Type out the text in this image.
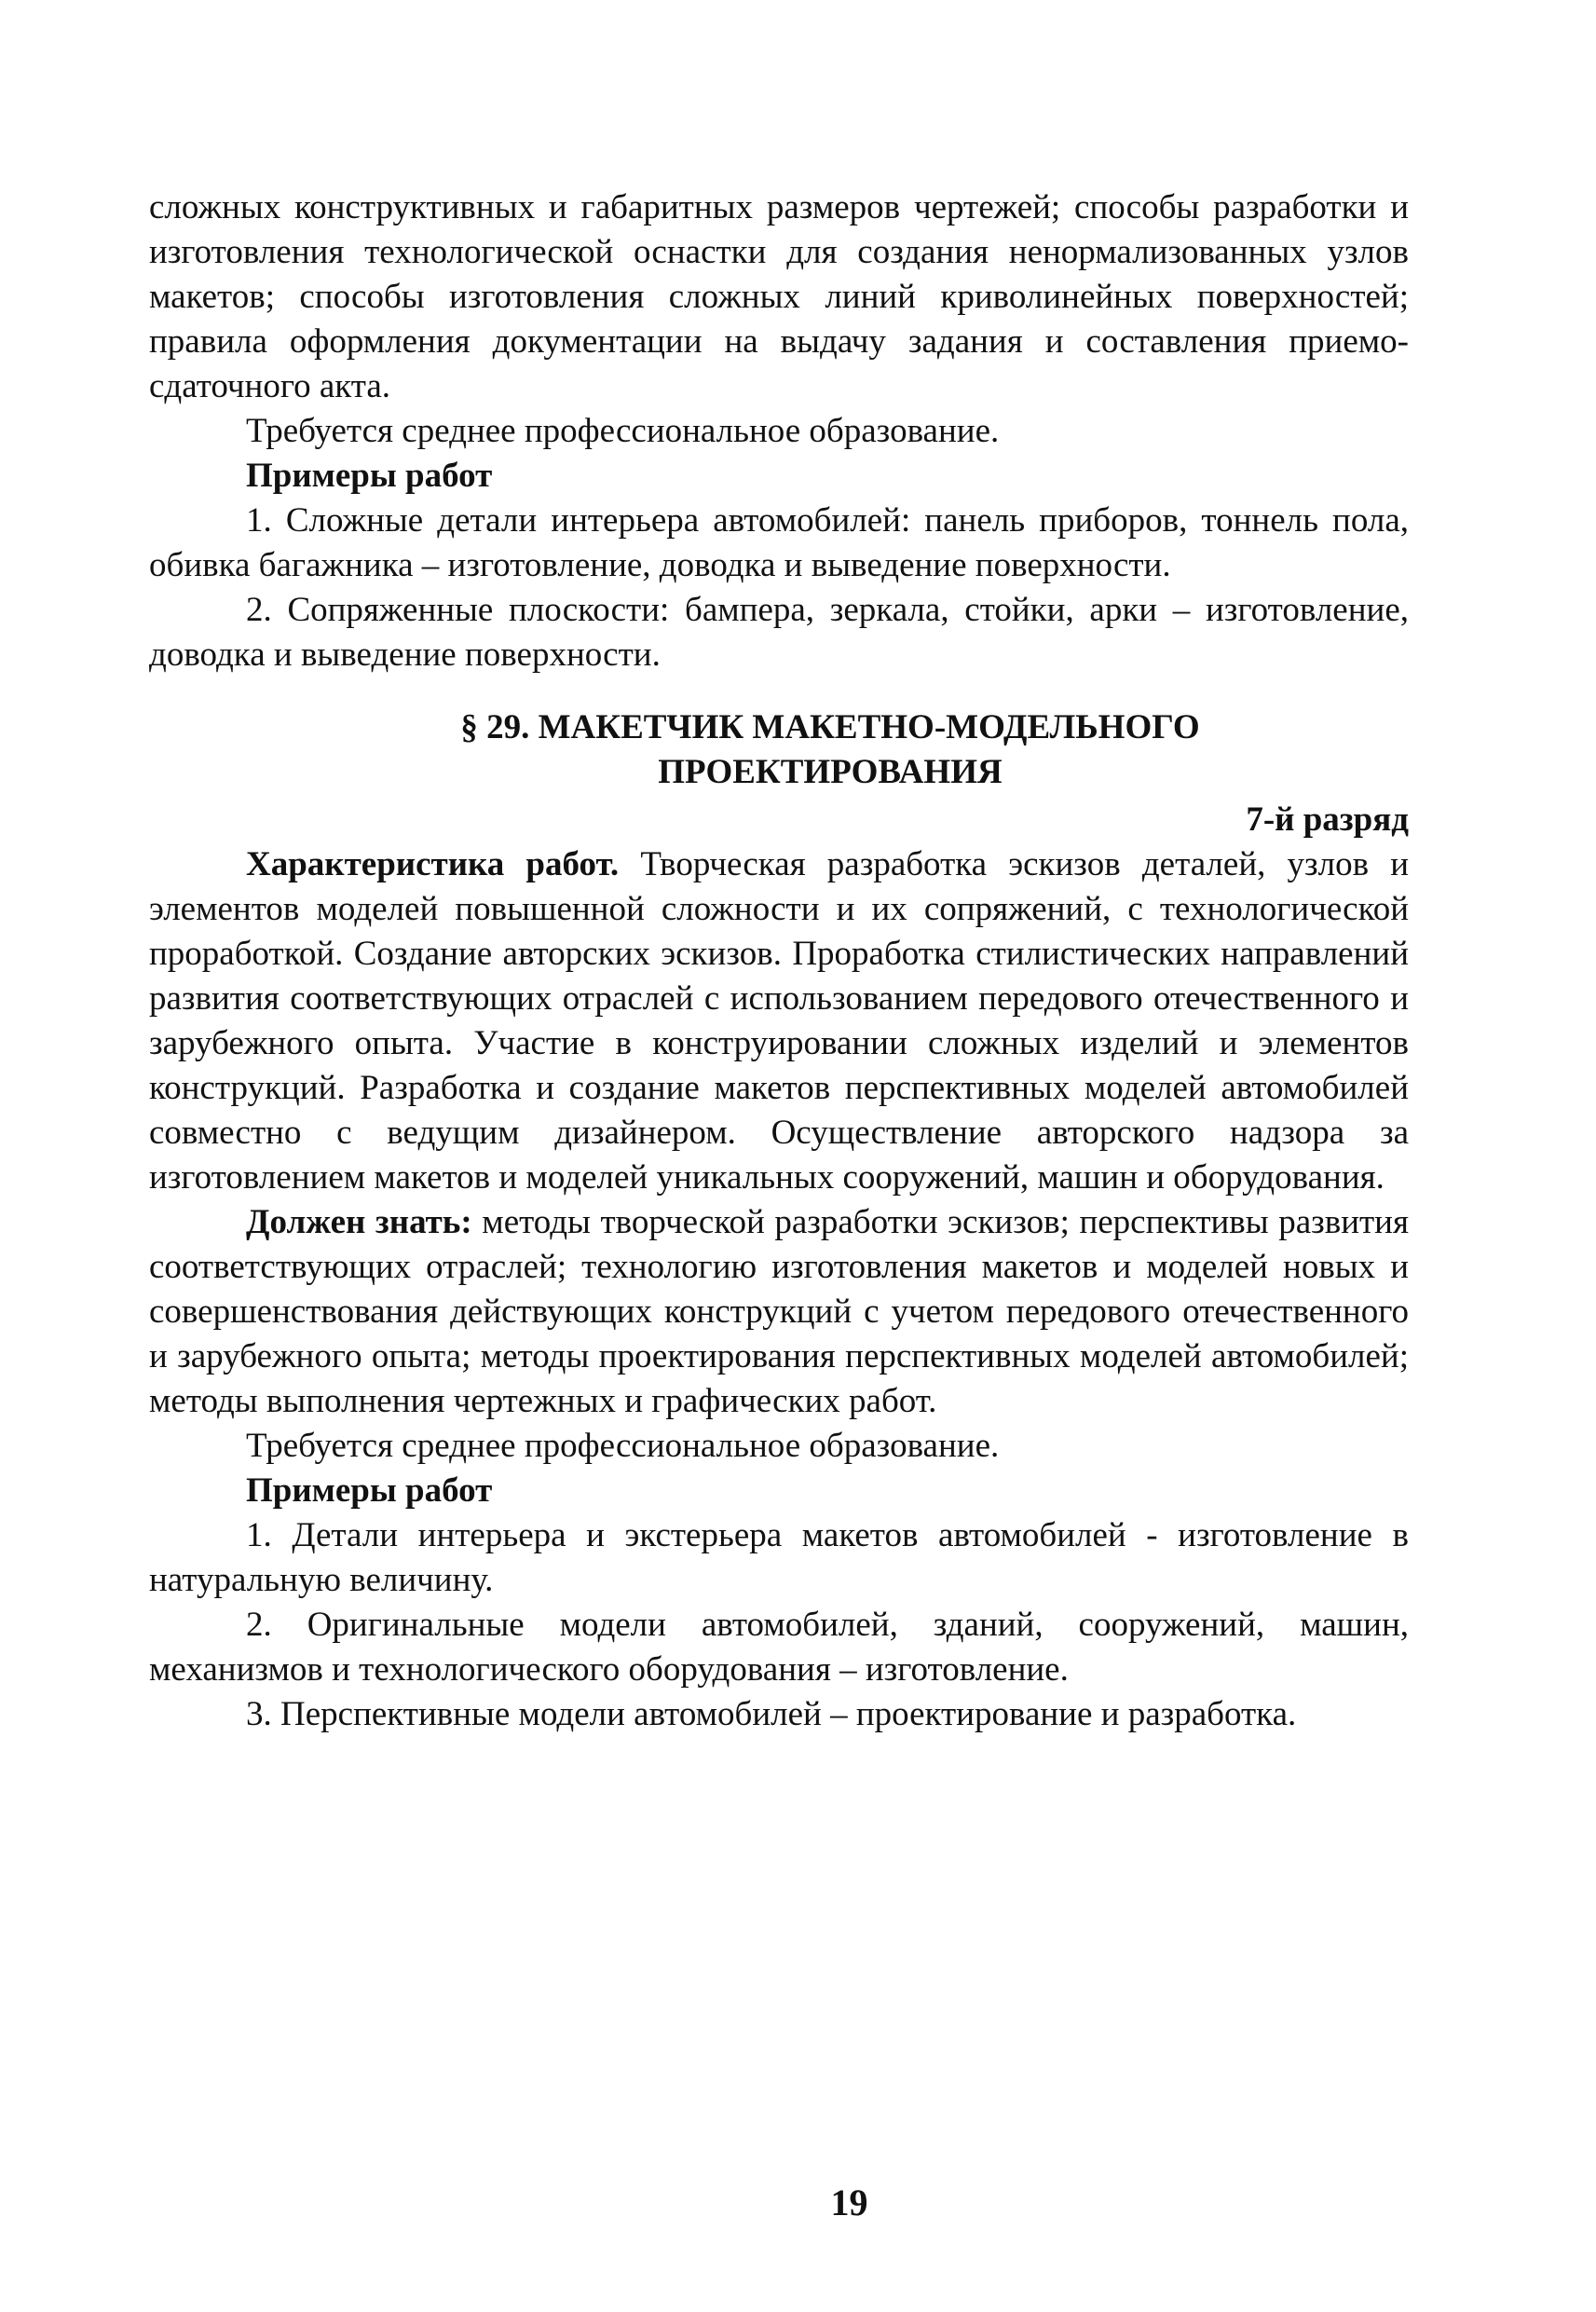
сложных конструктивных и габаритных размеров чертежей; способы разработки и изготовления технологической оснастки для создания ненормализованных узлов макетов; способы изготовления сложных линий криволинейных поверхностей; правила оформления документации на выдачу задания и составления приемо-сдаточного акта.

Требуется среднее профессиональное образование.

Примеры работ

1. Сложные детали интерьера автомобилей: панель приборов, тоннель пола, обивка багажника – изготовление, доводка и выведение поверхности.

2. Сопряженные плоскости: бампера, зеркала, стойки, арки – изготовление, доводка и выведение поверхности.

§ 29. МАКЕТЧИК МАКЕТНО-МОДЕЛЬНОГО
ПРОЕКТИРОВАНИЯ
7-й разряд

Характеристика работ. Творческая разработка эскизов деталей, узлов и элементов моделей повышенной сложности и их сопряжений, с технологической проработкой. Создание авторских эскизов. Проработка стилистических направлений развития соответствующих отраслей с использованием передового отечественного и зарубежного опыта. Участие в конструировании сложных изделий и элементов конструкций. Разработка и создание макетов перспективных моделей автомобилей совместно с ведущим дизайнером. Осуществление авторского надзора за изготовлением макетов и моделей уникальных сооружений, машин и оборудования.

Должен знать: методы творческой разработки эскизов; перспективы развития соответствующих отраслей; технологию изготовления макетов и моделей новых и совершенствования действующих конструкций с учетом передового отечественного и зарубежного опыта; методы проектирования перспективных моделей автомобилей; методы выполнения чертежных и графических работ.

Требуется среднее профессиональное образование.

Примеры работ

1. Детали интерьера и экстерьера макетов автомобилей - изготовление в натуральную величину.

2. Оригинальные модели автомобилей, зданий, сооружений, машин, механизмов и технологического оборудования – изготовление.

3. Перспективные модели автомобилей – проектирование и разработка.

19
